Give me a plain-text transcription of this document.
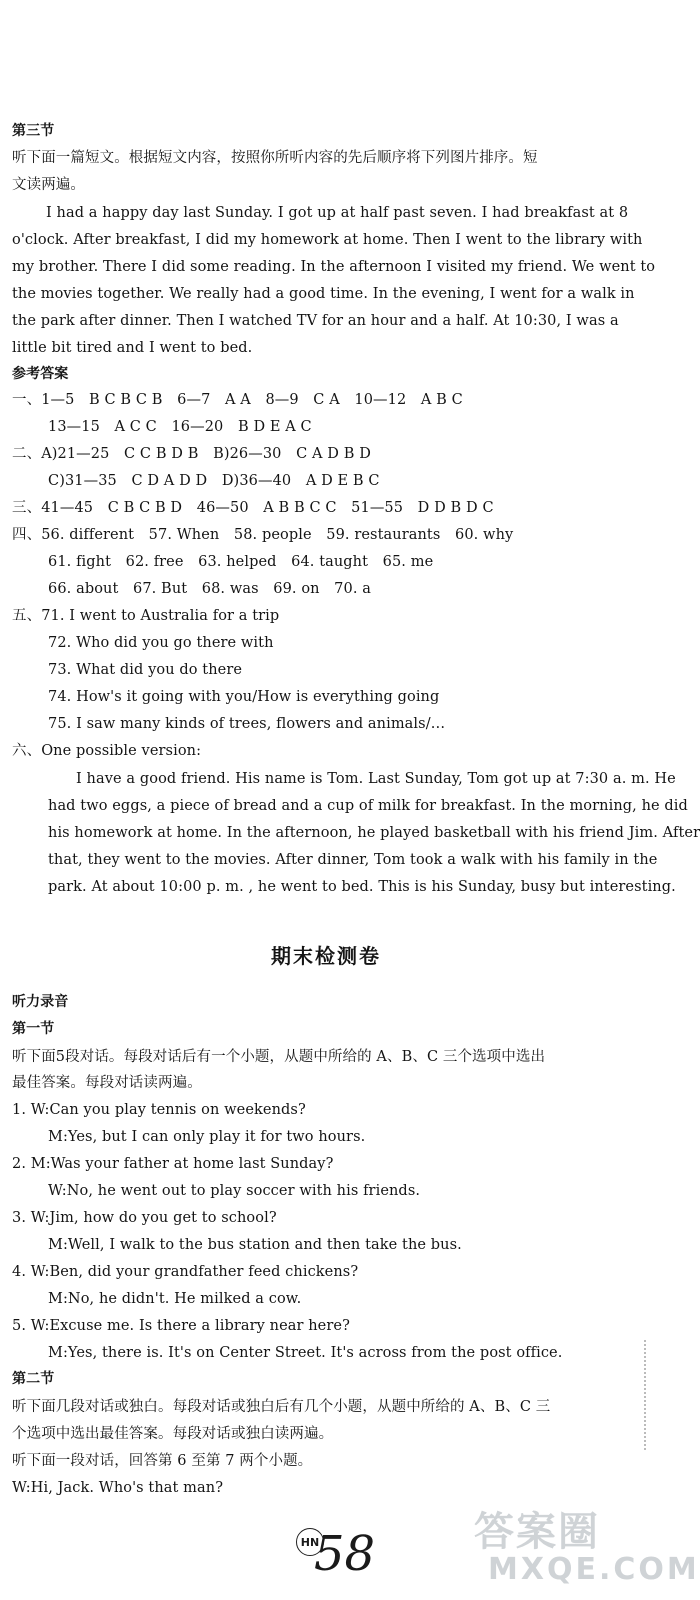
第三节
听下面一篇短文。根据短文内容，按照你所听内容的先后顺序将下列图片排序。短
文读两遍。
I had a happy day last Sunday. I got up at half past seven. I had breakfast at 8
o'clock. After breakfast, I did my homework at home. Then I went to the library with
my brother. There I did some reading. In the afternoon I visited my friend. We went to
the movies together. We really had a good time. In the evening, I went for a walk in
the park after dinner. Then I watched TV for an hour and a half. At 10:30, I was a
little bit tired and I went to bed.
参考答案
一、1—5　B C B C B　6—7　A A　8—9　C A　10—12　A B C
13—15　A C C　16—20　B D E A C
二、A)21—25　C C B D B　B)26—30　C A D B D
C)31—35　C D A D D　D)36—40　A D E B C
三、41—45　C B C B D　46—50　A B B C C　51—55　D D B D C
四、56. different　57. When　58. people　59. restaurants　60. why
61. fight　62. free　63. helped　64. taught　65. me
66. about　67. But　68. was　69. on　70. a
五、71. I went to Australia for a trip
72. Who did you go there with
73. What did you do there
74. How's it going with you/How is everything going
75. I saw many kinds of trees, flowers and animals/…
六、One possible version:
I have a good friend. His name is Tom. Last Sunday, Tom got up at 7:30 a. m. He
had two eggs, a piece of bread and a cup of milk for breakfast. In the morning, he did
his homework at home. In the afternoon, he played basketball with his friend Jim. After
that, they went to the movies. After dinner, Tom took a walk with his family in the
park. At about 10:00 p. m. , he went to bed. This is his Sunday, busy but interesting.
期末检测卷
听力录音
第一节
听下面5段对话。每段对话后有一个小题，从题中所给的 A、B、C 三个选项中选出
最佳答案。每段对话读两遍。
1. W:Can you play tennis on weekends?
M:Yes, but I can only play it for two hours.
2. M:Was your father at home last Sunday?
W:No, he went out to play soccer with his friends.
3. W:Jim, how do you get to school?
M:Well, I walk to the bus station and then take the bus.
4. W:Ben, did your grandfather feed chickens?
M:No, he didn't. He milked a cow.
5. W:Excuse me. Is there a library near here?
M:Yes, there is. It's on Center Street. It's across from the post office.
第二节
听下面几段对话或独白。每段对话或独白后有几个小题，从题中所给的 A、B、C 三
个选项中选出最佳答案。每段对话或独白读两遍。
听下面一段对话，回答第 6 至第 7 两个小题。
W:Hi, Jack. Who's that man?
HN
58 答案圈
MXQE.COM
